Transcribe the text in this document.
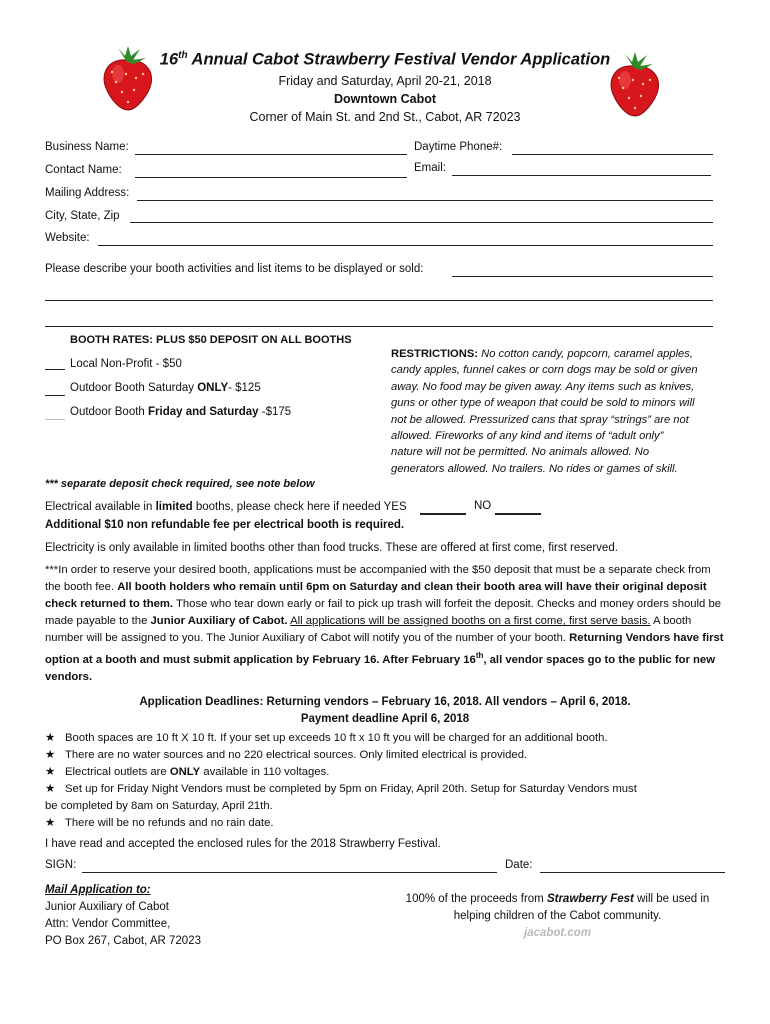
16th Annual Cabot Strawberry Festival Vendor Application
Friday and Saturday, April 20-21, 2018
Downtown Cabot
Corner of Main St. and 2nd St., Cabot, AR 72023
Business Name:	Daytime Phone#:
Contact Name:	Email:
Mailing Address:
City, State, Zip
Website:
Please describe your booth activities and list items to be displayed or sold:
BOOTH RATES: PLUS $50 DEPOSIT ON ALL BOOTHS
Local Non-Profit - $50
Outdoor Booth Saturday ONLY- $125
Outdoor Booth Friday and Saturday -$175
RESTRICTIONS: No cotton candy, popcorn, caramel apples,
candy apples, funnel cakes or corn dogs may be sold or given
away. No food may be given away. Any items such as knives,
guns or other type of weapon that could be sold to minors will
not be allowed. Pressurized cans that spray “strings” are not
allowed. Fireworks of any kind and items of “adult only”
nature will not be permitted. No animals allowed. No
generators allowed. No trailers. No rides or games of skill.
*** separate deposit check required, see note below
Electrical available in limited booths, please check here if needed YES	NO
Additional $10 non refundable fee per electrical booth is required.
Electricity is only available in limited booths other than food trucks. These are offered at first come, first reserved.
***In order to reserve your desired booth, applications must be accompanied with the $50 deposit that must be a separate check from the booth fee. All booth holders who remain until 6pm on Saturday and clean their booth area will have their original deposit check returned to them. Those who tear down early or fail to pick up trash will forfeit the deposit. Checks and money orders should be made payable to the Junior Auxiliary of Cabot. All applications will be assigned booths on a first come, first serve basis. A booth number will be assigned to you. The Junior Auxiliary of Cabot will notify you of the number of your booth. Returning Vendors have first option at a booth and must submit application by February 16. After February 16th, all vendor spaces go to the public for new vendors.
Application Deadlines: Returning vendors – February 16, 2018. All vendors – April 6, 2018.
Payment deadline April 6, 2018
★ Booth spaces are 10 ft X 10 ft. If your set up exceeds 10 ft x 10 ft you will be charged for an additional booth.
★ There are no water sources and no 220 electrical sources. Only limited electrical is provided.
★ Electrical outlets are ONLY available in 110 voltages.
★ Set up for Friday Night Vendors must be completed by 5pm on Friday, April 20th. Setup for Saturday Vendors must
be completed by 8am on Saturday, April 21th.
★ There will be no refunds and no rain date.
I have read and accepted the enclosed rules for the 2018 Strawberry Festival.
SIGN:	Date:
Mail Application to:
Junior Auxiliary of Cabot
Attn: Vendor Committee,
PO Box 267, Cabot, AR 72023
100% of the proceeds from Strawberry Fest will be used in
helping children of the Cabot community.
jacabot.com
